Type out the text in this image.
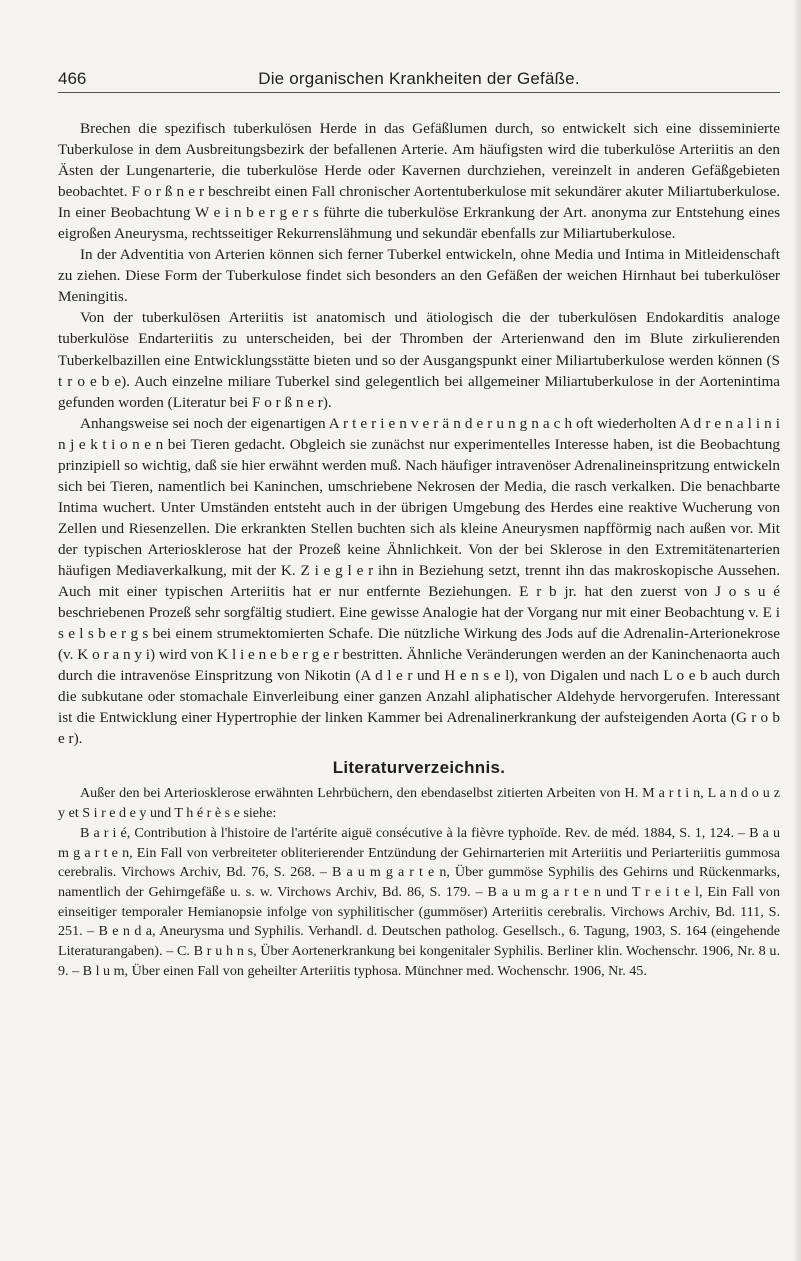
466	Die organischen Krankheiten der Gefäße.

Brechen die spezifisch tuberkulösen Herde in das Gefäßlumen durch, so entwickelt sich eine disseminierte Tuberkulose in dem Ausbreitungsbezirk der befallenen Arterie. Am häufigsten wird die tuberkulöse Arteriitis an den Ästen der Lungenarterie, die tuberkulöse Herde oder Kavernen durchziehen, vereinzelt in anderen Gefäßgebieten beobachtet. F o r ß n e r beschreibt einen Fall chronischer Aortentuberkulose mit sekundärer akuter Miliartuberkulose. In einer Beobachtung W e i n b e r g e r s führte die tuberkulöse Erkrankung der Art. anonyma zur Entstehung eines eigroßen Aneurysma, rechtsseitiger Rekurrenslähmung und sekundär ebenfalls zur Miliartuberkulose.

In der Adventitia von Arterien können sich ferner Tuberkel entwickeln, ohne Media und Intima in Mitleidenschaft zu ziehen. Diese Form der Tuberkulose findet sich besonders an den Gefäßen der weichen Hirnhaut bei tuberkulöser Meningitis.

Von der tuberkulösen Arteriitis ist anatomisch und ätiologisch die der tuberkulösen Endokarditis analoge tuberkulöse Endarteriitis zu unterscheiden, bei der Thromben der Arterienwand den im Blute zirkulierenden Tuberkelbazillen eine Entwicklungsstätte bieten und so der Ausgangspunkt einer Miliartuberkulose werden können (S t r o e b e). Auch einzelne miliare Tuberkel sind gelegentlich bei allgemeiner Miliartuberkulose in der Aortenintima gefunden worden (Literatur bei F o r ß n e r).

Anhangsweise sei noch der eigenartigen A r t e r i e n v e r ä n d e r u n g n a c h oft wiederholten A d r e n a l i n i n j e k t i o n e n bei Tieren gedacht. Obgleich sie zunächst nur experimentelles Interesse haben, ist die Beobachtung prinzipiell so wichtig, daß sie hier erwähnt werden muß. Nach häufiger intravenöser Adrenalineinspritzung entwickeln sich bei Tieren, namentlich bei Kaninchen, umschriebene Nekrosen der Media, die rasch verkalken. Die benachbarte Intima wuchert. Unter Umständen entsteht auch in der übrigen Umgebung des Herdes eine reaktive Wucherung von Zellen und Riesenzellen. Die erkrankten Stellen buchten sich als kleine Aneurysmen napfförmig nach außen vor. Mit der typischen Arteriosklerose hat der Prozeß keine Ähnlichkeit. Von der bei Sklerose in den Extremitätenarterien häufigen Mediaverkalkung, mit der K. Z i e g l e r ihn in Beziehung setzt, trennt ihn das makroskopische Aussehen. Auch mit einer typischen Arteriitis hat er nur entfernte Beziehungen. E r b jr. hat den zuerst von J o s u é beschriebenen Prozeß sehr sorgfältig studiert. Eine gewisse Analogie hat der Vorgang nur mit einer Beobachtung v. E i s e l s b e r g s bei einem strumektomierten Schafe. Die nützliche Wirkung des Jods auf die Adrenalin-Arterionekrose (v. K o r a n y i) wird von K l i e n e b e r g e r bestritten. Ähnliche Veränderungen werden an der Kaninchenaorta auch durch die intravenöse Einspritzung von Nikotin (A d l e r und H e n s e l), von Digalen und nach L o e b auch durch die subkutane oder stomachale Einverleibung einer ganzen Anzahl aliphatischer Aldehyde hervorgerufen. Interessant ist die Entwicklung einer Hypertrophie der linken Kammer bei Adrenalinerkrankung der aufsteigenden Aorta (G r o b e r).

Literaturverzeichnis.

Außer den bei Arteriosklerose erwähnten Lehrbüchern, den ebendaselbst zitierten Arbeiten von H. M a r t i n, L a n d o u z y et S i r e d e y und T h é r è s e siehe:

B a r i é, Contribution à l'histoire de l'artérite aiguë consécutive à la fièvre typhoïde. Rev. de méd. 1884, S. 1, 124. – B a u m g a r t e n, Ein Fall von verbreiteter obliterierender Entzündung der Gehirnarterien mit Arteriitis und Periarteriitis gummosa cerebralis. Virchows Archiv, Bd. 76, S. 268. – B a u m g a r t e n, Über gummöse Syphilis des Gehirns und Rückenmarks, namentlich der Gehirngefäße u. s. w. Virchows Archiv, Bd. 86, S. 179. – B a u m g a r t e n und T r e i t e l, Ein Fall von einseitiger temporaler Hemianopsie infolge von syphilitischer (gummöser) Arteriitis cerebralis. Virchows Archiv, Bd. 111, S. 251. – B e n d a, Aneurysma und Syphilis. Verhandl. d. Deutschen patholog. Gesellsch., 6. Tagung, 1903, S. 164 (eingehende Literaturangaben). – C. B r u h n s, Über Aortenerkrankung bei kongenitaler Syphilis. Berliner klin. Wochenschr. 1906, Nr. 8 u. 9. – B l u m, Über einen Fall von geheilter Arteriitis typhosa. Münchner med. Wochenschr. 1906, Nr. 45.
